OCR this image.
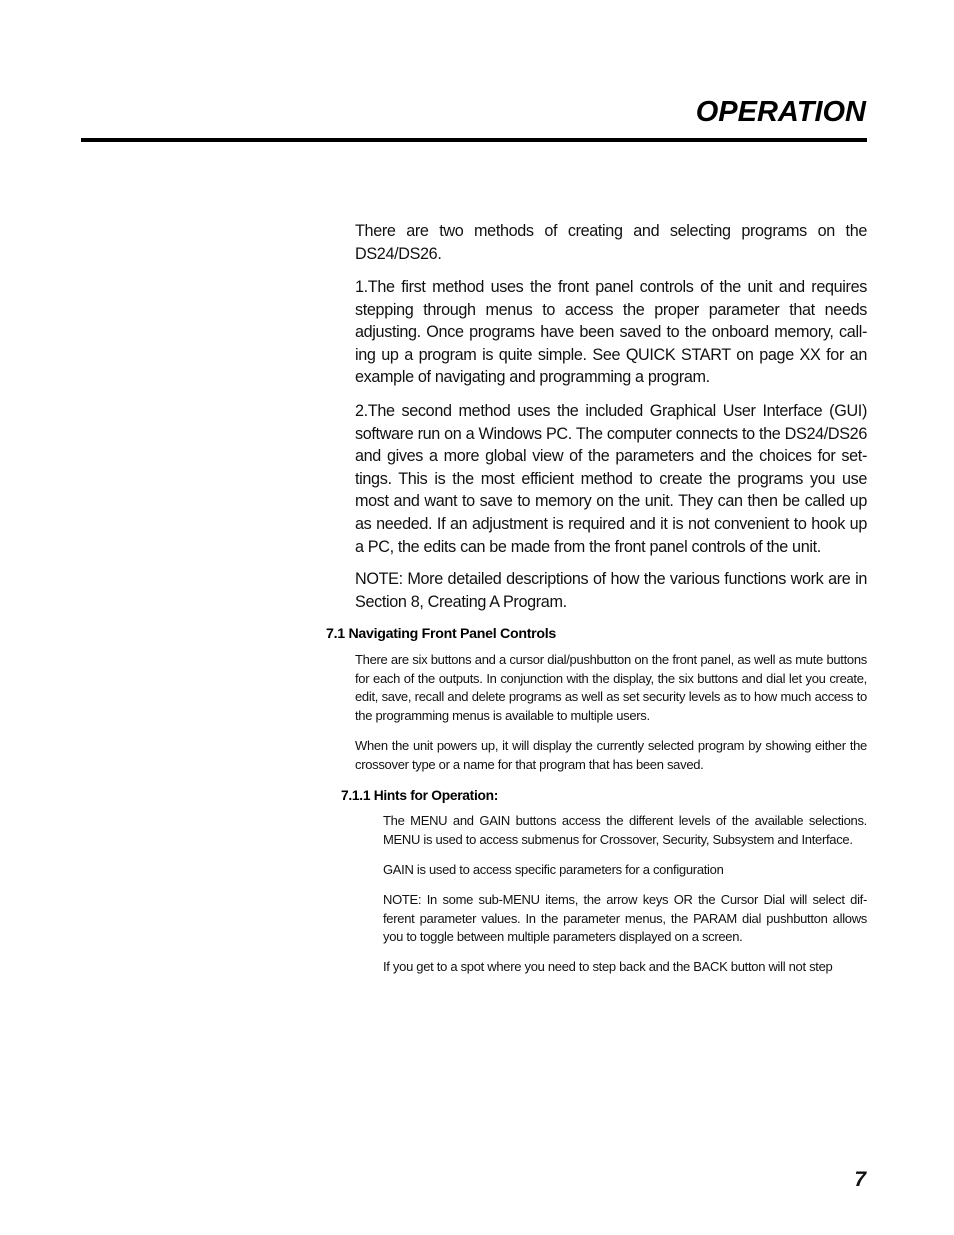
OPERATION

There are two methods of creating and selecting programs on the DS24/DS26.

1.The first method uses the front panel controls of the unit and requires stepping through menus to access the proper parameter that needs adjusting. Once programs have been saved to the onboard memory, call- ing up a program is quite simple. See QUICK START on page XX for an example of navigating and programming a program.

2.The second method uses the included Graphical User Interface (GUI) software run on a Windows PC. The computer connects to the DS24/DS26 and gives a more global view of the parameters and the choices for set- tings. This is the most efficient method to create the programs you use most and want to save to memory on the unit. They can then be called up as needed. If an adjustment is required and it is not convenient to hook up a PC, the edits can be made from the front panel controls of the unit.

NOTE: More detailed descriptions of how the various functions work are in Section 8, Creating A Program.

7.1 Navigating Front Panel Controls

There are six buttons and a cursor dial/pushbutton on the front panel, as well as mute buttons for each of the outputs. In conjunction with the display, the six buttons and dial let you create, edit, save, recall and delete programs as well as set security levels as to how much access to the programming menus is available to multiple users.

When the unit powers up, it will display the currently selected program by showing either the crossover type or a name for that program that has been saved.

7.1.1 Hints for Operation:

The MENU and GAIN buttons access the different levels of the available selections. MENU is used to access submenus for Crossover, Security, Subsystem and Interface.

GAIN is used to access specific parameters for a configuration

NOTE: In some sub-MENU items, the arrow keys OR the Cursor Dial will select dif- ferent parameter values. In the parameter menus, the PARAM dial pushbutton allows you to toggle between multiple parameters displayed on a screen.

If you get to a spot where you need to step back and the BACK button will not step

7
